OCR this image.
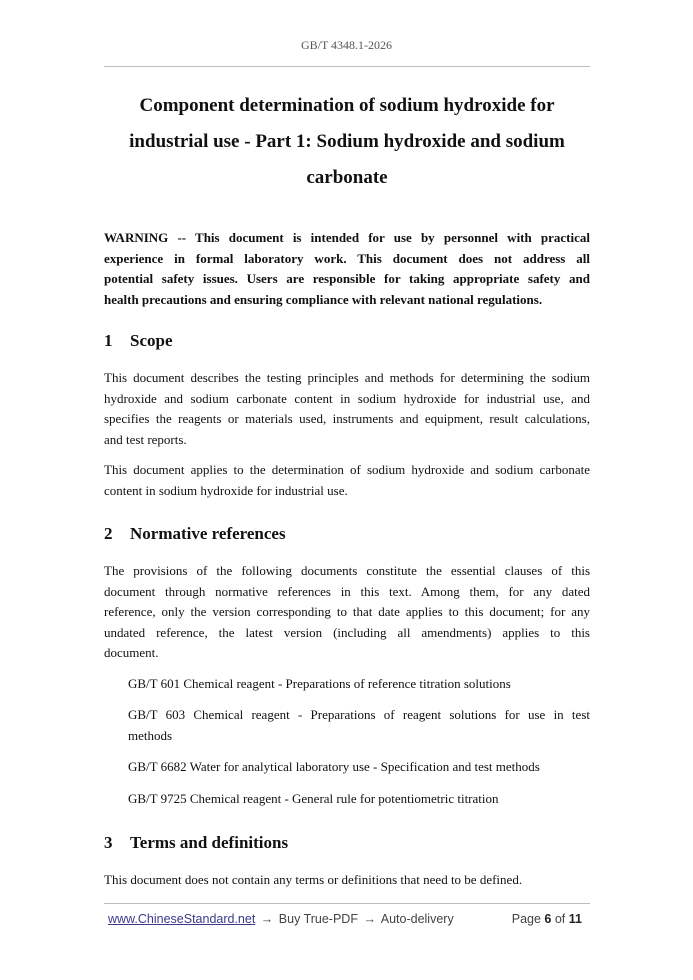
GB/T 4348.1-2026
Component determination of sodium hydroxide for
industrial use - Part 1: Sodium hydroxide and sodium
carbonate
WARNING -- This document is intended for use by personnel with practical
experience in formal laboratory work. This document does not address all
potential safety issues. Users are responsible for taking appropriate safety and
health precautions and ensuring compliance with relevant national regulations.
1 Scope
This document describes the testing principles and methods for determining the sodium
hydroxide and sodium carbonate content in sodium hydroxide for industrial use, and
specifies the reagents or materials used, instruments and equipment, result calculations,
and test reports.
This document applies to the determination of sodium hydroxide and sodium carbonate
content in sodium hydroxide for industrial use.
2 Normative references
The provisions of the following documents constitute the essential clauses of this
document through normative references in this text. Among them, for any dated
reference, only the version corresponding to that date applies to this document; for any
undated reference, the latest version (including all amendments) applies to this
document.
GB/T 601 Chemical reagent - Preparations of reference titration solutions
GB/T 603 Chemical reagent - Preparations of reagent solutions for use in test
methods
GB/T 6682 Water for analytical laboratory use - Specification and test methods
GB/T 9725 Chemical reagent - General rule for potentiometric titration
3 Terms and definitions
This document does not contain any terms or definitions that need to be defined.
www.ChineseStandard.net → Buy True-PDF → Auto-delivery	Page 6 of 11
